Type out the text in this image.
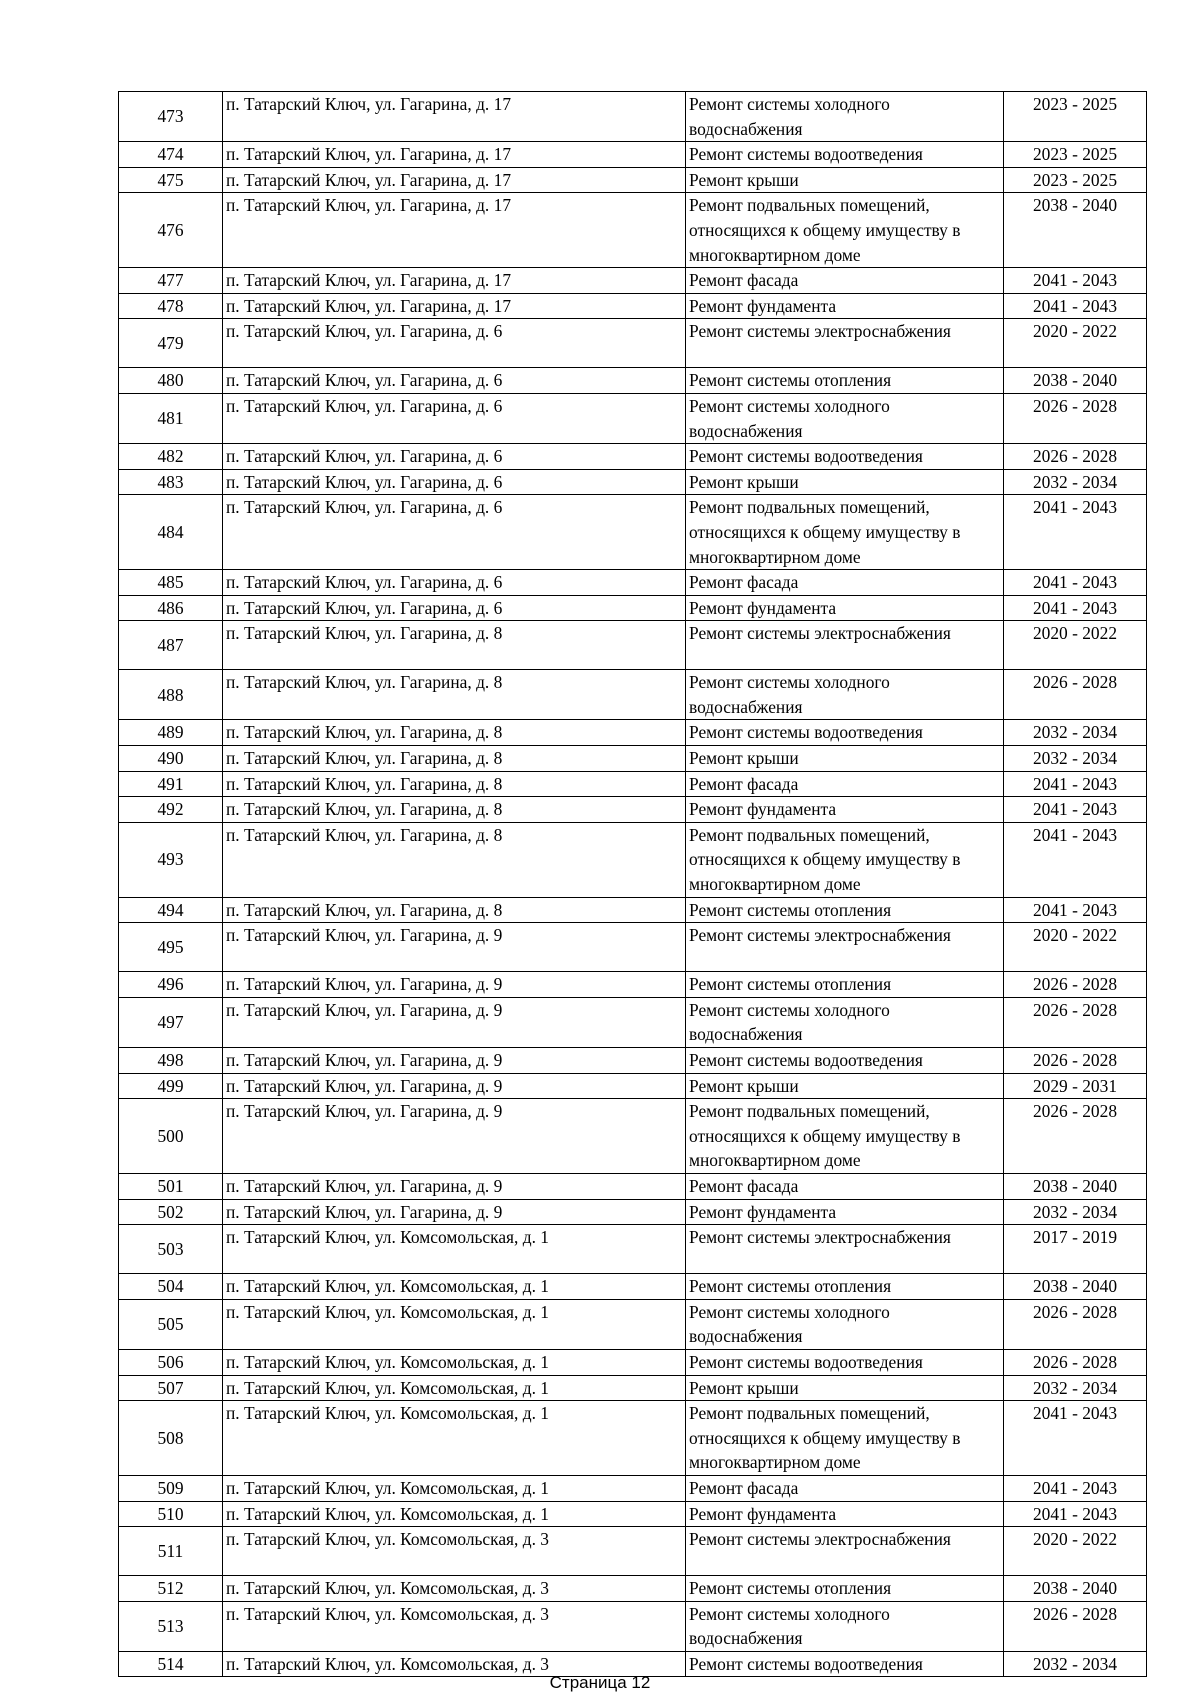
473	п. Татарский Ключ, ул. Гагарина, д. 17	Ремонт системы холодного водоснабжения	2023 - 2025
474	п. Татарский Ключ, ул. Гагарина, д. 17	Ремонт системы водоотведения	2023 - 2025
475	п. Татарский Ключ, ул. Гагарина, д. 17	Ремонт крыши	2023 - 2025
476	п. Татарский Ключ, ул. Гагарина, д. 17	Ремонт подвальных помещений, относящихся к общему имуществу в многоквартирном доме	2038 - 2040
477	п. Татарский Ключ, ул. Гагарина, д. 17	Ремонт фасада	2041 - 2043
478	п. Татарский Ключ, ул. Гагарина, д. 17	Ремонт фундамента	2041 - 2043
479	п. Татарский Ключ, ул. Гагарина, д. 6	Ремонт системы электроснабжения	2020 - 2022
480	п. Татарский Ключ, ул. Гагарина, д. 6	Ремонт системы отопления	2038 - 2040
481	п. Татарский Ключ, ул. Гагарина, д. 6	Ремонт системы холодного водоснабжения	2026 - 2028
482	п. Татарский Ключ, ул. Гагарина, д. 6	Ремонт системы водоотведения	2026 - 2028
483	п. Татарский Ключ, ул. Гагарина, д. 6	Ремонт крыши	2032 - 2034
484	п. Татарский Ключ, ул. Гагарина, д. 6	Ремонт подвальных помещений, относящихся к общему имуществу в многоквартирном доме	2041 - 2043
485	п. Татарский Ключ, ул. Гагарина, д. 6	Ремонт фасада	2041 - 2043
486	п. Татарский Ключ, ул. Гагарина, д. 6	Ремонт фундамента	2041 - 2043
487	п. Татарский Ключ, ул. Гагарина, д. 8	Ремонт системы электроснабжения	2020 - 2022
488	п. Татарский Ключ, ул. Гагарина, д. 8	Ремонт системы холодного водоснабжения	2026 - 2028
489	п. Татарский Ключ, ул. Гагарина, д. 8	Ремонт системы водоотведения	2032 - 2034
490	п. Татарский Ключ, ул. Гагарина, д. 8	Ремонт крыши	2032 - 2034
491	п. Татарский Ключ, ул. Гагарина, д. 8	Ремонт фасада	2041 - 2043
492	п. Татарский Ключ, ул. Гагарина, д. 8	Ремонт фундамента	2041 - 2043
493	п. Татарский Ключ, ул. Гагарина, д. 8	Ремонт подвальных помещений, относящихся к общему имуществу в многоквартирном доме	2041 - 2043
494	п. Татарский Ключ, ул. Гагарина, д. 8	Ремонт системы отопления	2041 - 2043
495	п. Татарский Ключ, ул. Гагарина, д. 9	Ремонт системы электроснабжения	2020 - 2022
496	п. Татарский Ключ, ул. Гагарина, д. 9	Ремонт системы отопления	2026 - 2028
497	п. Татарский Ключ, ул. Гагарина, д. 9	Ремонт системы холодного водоснабжения	2026 - 2028
498	п. Татарский Ключ, ул. Гагарина, д. 9	Ремонт системы водоотведения	2026 - 2028
499	п. Татарский Ключ, ул. Гагарина, д. 9	Ремонт крыши	2029 - 2031
500	п. Татарский Ключ, ул. Гагарина, д. 9	Ремонт подвальных помещений, относящихся к общему имуществу в многоквартирном доме	2026 - 2028
501	п. Татарский Ключ, ул. Гагарина, д. 9	Ремонт фасада	2038 - 2040
502	п. Татарский Ключ, ул. Гагарина, д. 9	Ремонт фундамента	2032 - 2034
503	п. Татарский Ключ, ул. Комсомольская, д. 1	Ремонт системы электроснабжения	2017 - 2019
504	п. Татарский Ключ, ул. Комсомольская, д. 1	Ремонт системы отопления	2038 - 2040
505	п. Татарский Ключ, ул. Комсомольская, д. 1	Ремонт системы холодного водоснабжения	2026 - 2028
506	п. Татарский Ключ, ул. Комсомольская, д. 1	Ремонт системы водоотведения	2026 - 2028
507	п. Татарский Ключ, ул. Комсомольская, д. 1	Ремонт крыши	2032 - 2034
508	п. Татарский Ключ, ул. Комсомольская, д. 1	Ремонт подвальных помещений, относящихся к общему имуществу в многоквартирном доме	2041 - 2043
509	п. Татарский Ключ, ул. Комсомольская, д. 1	Ремонт фасада	2041 - 2043
510	п. Татарский Ключ, ул. Комсомольская, д. 1	Ремонт фундамента	2041 - 2043
511	п. Татарский Ключ, ул. Комсомольская, д. 3	Ремонт системы электроснабжения	2020 - 2022
512	п. Татарский Ключ, ул. Комсомольская, д. 3	Ремонт системы отопления	2038 - 2040
513	п. Татарский Ключ, ул. Комсомольская, д. 3	Ремонт системы холодного водоснабжения	2026 - 2028
514	п. Татарский Ключ, ул. Комсомольская, д. 3	Ремонт системы водоотведения	2032 - 2034
Страница 12
